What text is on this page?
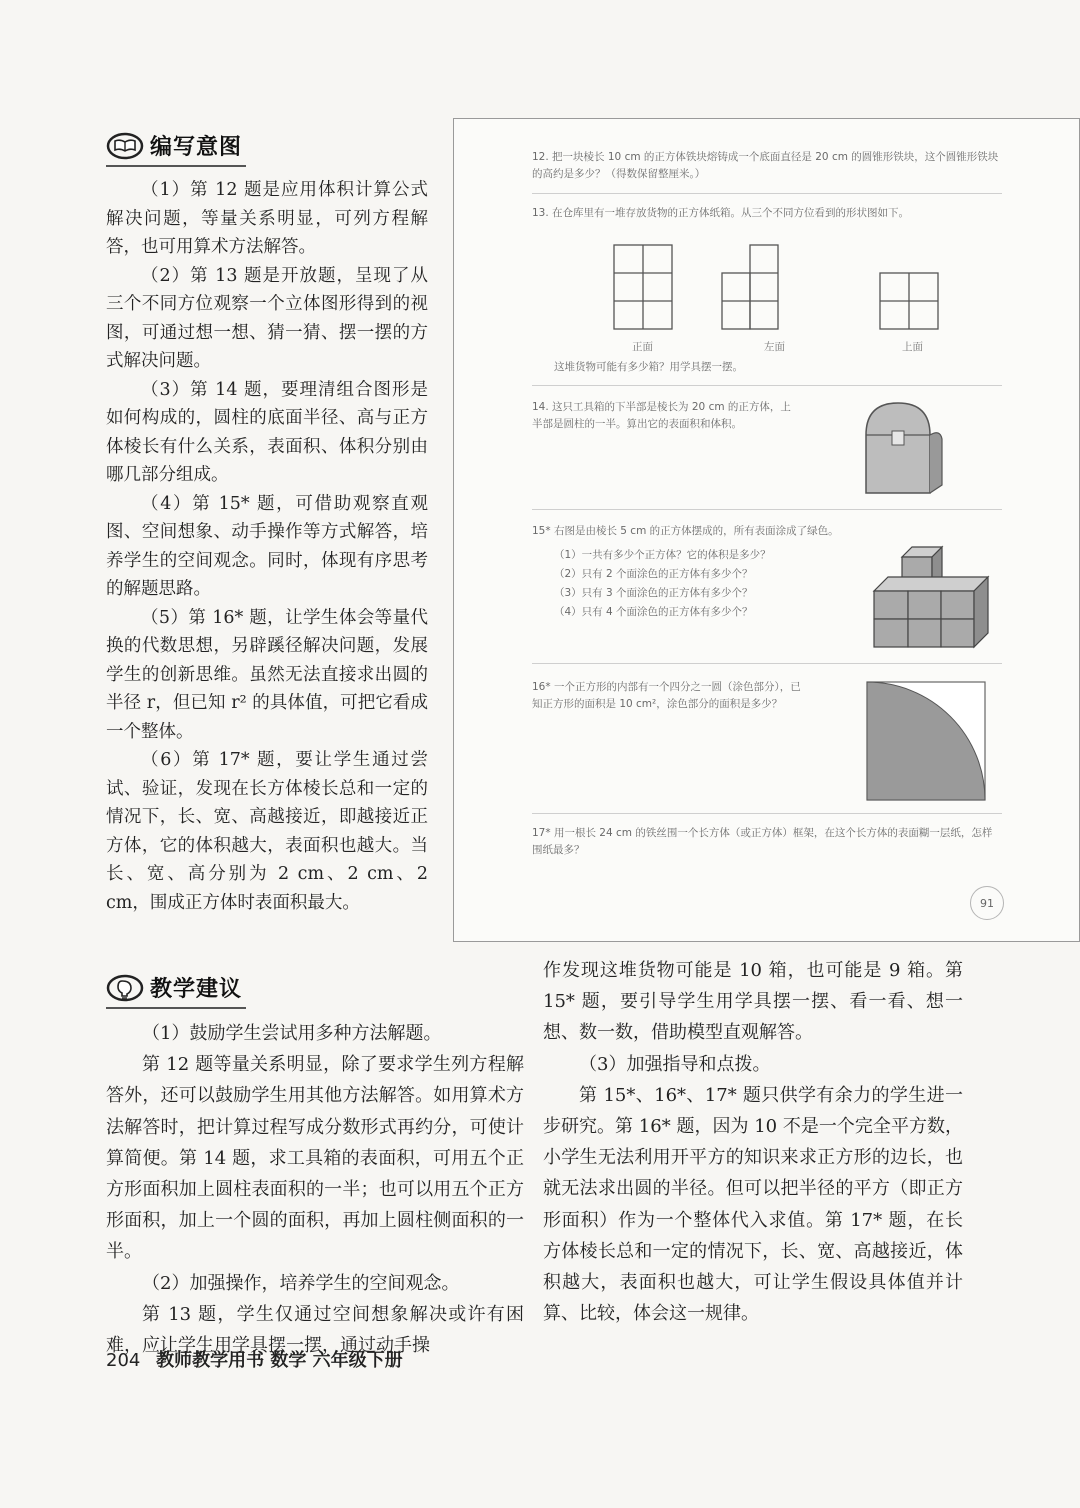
编写意图

（1）第 12 题是应用体积计算公式解决问题，等量关系明显，可列方程解答，也可用算术方法解答。

（2）第 13 题是开放题，呈现了从三个不同方位观察一个立体图形得到的视图，可通过想一想、猜一猜、摆一摆的方式解决问题。

（3）第 14 题，要理清组合图形是如何构成的，圆柱的底面半径、高与正方体棱长有什么关系，表面积、体积分别由哪几部分组成。

（4）第 15* 题，可借助观察直观图、空间想象、动手操作等方式解答，培养学生的空间观念。同时，体现有序思考的解题思路。

（5）第 16* 题，让学生体会等量代换的代数思想，另辟蹊径解决问题，发展学生的创新思维。虽然无法直接求出圆的半径 r，但已知 r² 的具体值，可把它看成一个整体。

（6）第 17* 题，要让学生通过尝试、验证，发现在长方体棱长总和一定的情况下，长、宽、高越接近，即越接近正方体，它的体积越大，表面积也越大。当长、宽、高分别为 2 cm、2 cm、2 cm，围成正方体时表面积最大。

12. 把一块棱长 10 cm 的正方体铁块熔铸成一个底面直径是 20 cm 的圆锥形铁块，这个圆锥形铁块的高约是多少？（得数保留整厘米。）
13. 在仓库里有一堆存放货物的正方体纸箱。从三个不同方位看到的形状图如下。
正面	左面	上面
这堆货物可能有多少箱？用学具摆一摆。
14. 这只工具箱的下半部是棱长为 20 cm 的正方体，上半部是圆柱的一半。算出它的表面积和体积。
15* 右图是由棱长 5 cm 的正方体摆成的，所有表面涂成了绿色。
（1）一共有多少个正方体？它的体积是多少？
（2）只有 2 个面涂色的正方体有多少个？
（3）只有 3 个面涂色的正方体有多少个？
（4）只有 4 个面涂色的正方体有多少个？
16* 一个正方形的内部有一个四分之一圆（涂色部分），已知正方形的面积是 10 cm²，涂色部分的面积是多少？
17* 用一根长 24 cm 的铁丝围一个长方体（或正方体）框架，在这个长方体的表面糊一层纸，怎样围纸最多？
91
教学建议

（1）鼓励学生尝试用多种方法解题。

第 12 题等量关系明显，除了要求学生列方程解答外，还可以鼓励学生用其他方法解答。如用算术方法解答时，把计算过程写成分数形式再约分，可使计算简便。第 14 题，求工具箱的表面积，可用五个正方形面积加上圆柱表面积的一半；也可以用五个正方形面积，加上一个圆的面积，再加上圆柱侧面积的一半。

（2）加强操作，培养学生的空间观念。

第 13 题，学生仅通过空间想象解决或许有困难，应让学生用学具摆一摆，通过动手操

作发现这堆货物可能是 10 箱，也可能是 9 箱。第 15* 题，要引导学生用学具摆一摆、看一看、想一想、数一数，借助模型直观解答。

（3）加强指导和点拨。

第 15*、16*、17* 题只供学有余力的学生进一步研究。第 16* 题，因为 10 不是一个完全平方数，小学生无法利用开平方的知识来求正方形的边长，也就无法求出圆的半径。但可以把半径的平方（即正方形面积）作为一个整体代入求值。第 17* 题，在长方体棱长总和一定的情况下，长、宽、高越接近，体积越大，表面积也越大，可让学生假设具体值并计算、比较，体会这一规律。

204 教师教学用书 数学 六年级下册
